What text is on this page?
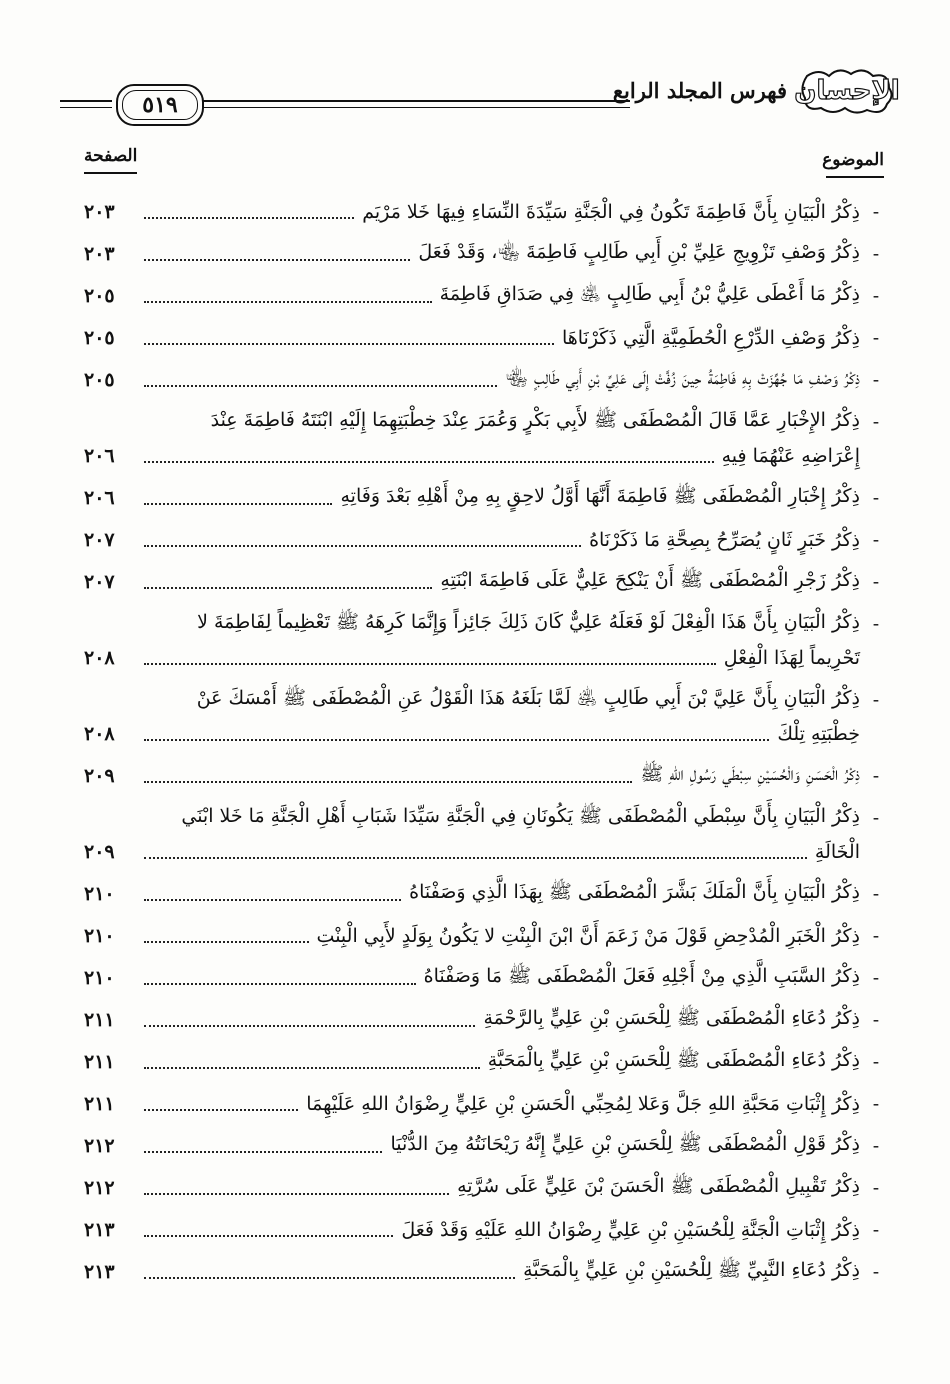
الإحسان
فهرس المجلد الرابع
٥١٩
الموضوع
الصفحة
-
ذِكْرُ الْبَيَانِ بِأَنَّ فَاطِمَةَ تَكُونُ فِي الْجَنَّةِ سَيِّدَةَ النِّسَاءِ فِيهَا خَلا مَرْيَم
٢٠٣
-
ذِكْرُ وَصْفِ تَزْوِيجِ عَلِيِّ بْنِ أَبِي طَالِبٍ فَاطِمَةَ ﵄، وَقَدْ فَعَلَ
٢٠٣
-
ذِكْرُ مَا أَعْطَى عَلِيُّ بْنُ أَبِي طَالِبٍ ﵁ فِي صَدَاقِ فَاطِمَةَ
٢٠٥
-
ذِكْرُ وَصْفِ الدِّرْعِ الْحُطَمِيَّةِ الَّتِي ذَكَرْنَاهَا
٢٠٥
-
ذِكْرُ وَصْفِ مَا جُهِّزَتْ بِهِ فَاطِمَةُ حِينَ زُفَّتْ إِلَى عَلِيِّ بْنِ أَبِي طَالِبٍ ﵄
٢٠٥
-
ذِكْرُ الإِخْبَارِ عَمَّا قَالَ الْمُصْطَفَى ﷺ لأَبِي بَكْرٍ وَعُمَرَ عِنْدَ خِطْبَتِهِمَا إِلَيْهِ ابْنَتَهُ فَاطِمَةَ عِنْدَ
إِعْرَاضِهِ عَنْهُمَا فِيهِ
٢٠٦
-
ذِكْرُ إِخْبَارِ الْمُصْطَفَى ﷺ فَاطِمَةَ أَنَّهَا أَوَّلُ لاحِقٍ بِهِ مِنْ أَهْلِهِ بَعْدَ وَفَاتِهِ
٢٠٦
-
ذِكْرُ خَبَرٍ ثَانٍ يُصَرِّحُ بِصِحَّةِ مَا ذَكَرْنَاهُ
٢٠٧
-
ذِكْرُ زَجْرِ الْمُصْطَفَى ﷺ أَنْ يَنْكِحَ عَلِيٌّ عَلَى فَاطِمَةَ ابْنَتِهِ
٢٠٧
-
ذِكْرُ الْبَيَانِ بِأَنَّ هَذَا الْفِعْلَ لَوْ فَعَلَهُ عَلِيٌّ كَانَ ذَلِكَ جَائِزاً وَإِنَّمَا كَرِهَهُ ﷺ تَعْظِيماً لِفَاطِمَةَ لا
تَحْرِيماً لِهَذَا الْفِعْلِ
٢٠٨
-
ذِكْرُ الْبَيَانِ بِأَنَّ عَلِيَّ بْنَ أَبِي طَالِبٍ ﵁ لَمَّا بَلَغَهُ هَذَا الْقَوْلُ عَنِ الْمُصْطَفَى ﷺ أَمْسَكَ عَنْ
خِطْبَتِهِ تِلْكَ
٢٠٨
-
ذِكْرُ الْحَسَنِ وَالْحُسَيْنِ سِبْطَي رَسُولِ اللهِ ﷺ
٢٠٩
-
ذِكْرُ الْبَيَانِ بِأَنَّ سِبْطَي الْمُصْطَفَى ﷺ يَكُونَانِ فِي الْجَنَّةِ سَيِّدَا شَبَابِ أَهْلِ الْجَنَّةِ مَا خَلا ابْنَي
الْخَالَةِ
٢٠٩
-
ذِكْرُ الْبَيَانِ بِأَنَّ الْمَلَكَ بَشَّرَ الْمُصْطَفَى ﷺ بِهَذَا الَّذِي وَصَفْنَاهُ
٢١٠
-
ذِكْرُ الْخَبَرِ الْمُدْحِضِ قَوْلَ مَنْ زَعَمَ أَنَّ ابْنَ الْبِنْتِ لا يَكُونُ بِوَلَدٍ لأَبِي الْبِنْتِ
٢١٠
-
ذِكْرُ السَّبَبِ الَّذِي مِنْ أَجْلِهِ فَعَلَ الْمُصْطَفَى ﷺ مَا وَصَفْنَاهُ
٢١٠
-
ذِكْرُ دُعَاءِ الْمُصْطَفَى ﷺ لِلْحَسَنِ بْنِ عَلِيٍّ بِالرَّحْمَةِ
٢١١
-
ذِكْرُ دُعَاءِ الْمُصْطَفَى ﷺ لِلْحَسَنِ بْنِ عَلِيٍّ بِالْمَحَبَّةِ
٢١١
-
ذِكْرُ إِثْبَاتِ مَحَبَّةِ اللهِ جَلَّ وَعَلا لِمُحِبِّي الْحَسَنِ بْنِ عَلِيٍّ رِضْوَانُ اللهِ عَلَيْهِمَا
٢١١
-
ذِكْرُ قَوْلِ الْمُصْطَفَى ﷺ لِلْحَسَنِ بْنِ عَلِيٍّ إِنَّهُ رَيْحَانَتُهُ مِنَ الدُّنْيَا
٢١٢
-
ذِكْرُ تَقْبِيلِ الْمُصْطَفَى ﷺ الْحَسَنَ بْنَ عَلِيٍّ عَلَى سُرَّتِهِ
٢١٢
-
ذِكْرُ إِثْبَاتِ الْجَنَّةِ لِلْحُسَيْنِ بْنِ عَلِيٍّ رِضْوَانُ اللهِ عَلَيْهِ وَقَدْ فَعَلَ
٢١٣
-
ذِكْرُ دُعَاءِ النَّبِيِّ ﷺ لِلْحُسَيْنِ بْنِ عَلِيٍّ بِالْمَحَبَّةِ
٢١٣
